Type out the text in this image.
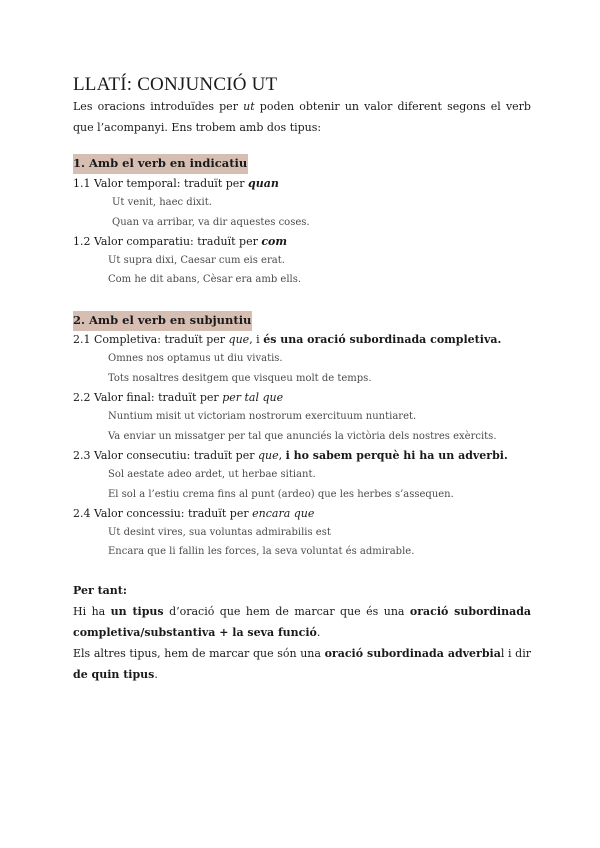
LLATÍ: CONJUNCIÓ UT
Les oracions introduïdes per ut poden obtenir un valor diferent segons el verb que l’acompanyi. Ens trobem amb dos tipus:
1. Amb el verb en indicatiu
1.1 Valor temporal: traduït per quan
Ut venit, haec dixit.
Quan va arribar, va dir aquestes coses.
1.2 Valor comparatiu: traduït per com
Ut supra dixi, Caesar cum eis erat.
Com he dit abans, Cèsar era amb ells.
2. Amb el verb en subjuntiu
2.1 Completiva: traduït per que, i és una oració subordinada completiva.
Omnes nos optamus ut diu vivatis.
Tots nosaltres desitgem que visqueu molt de temps.
2.2 Valor final: traduït per per tal que
Nuntium misit ut victoriam nostrorum exercituum nuntiaret.
Va enviar un missatger per tal que anunciés la victòria dels nostres exèrcits.
2.3 Valor consecutiu: traduït per que, i ho sabem perquè hi ha un adverbi.
Sol aestate adeo ardet, ut herbae sitiant.
El sol a l’estiu crema fins al punt (ardeo) que les herbes s’assequen.
2.4 Valor concessiu: traduït per encara que
Ut desint vires, sua voluntas admirabilis est
Encara que li fallin les forces, la seva voluntat és admirable.
Per tant:
Hi ha un tipus d’oració que hem de marcar que és una oració subordinada completiva/substantiva + la seva funció.
Els altres tipus, hem de marcar que són una oració subordinada adverbial i dir de quin tipus.
